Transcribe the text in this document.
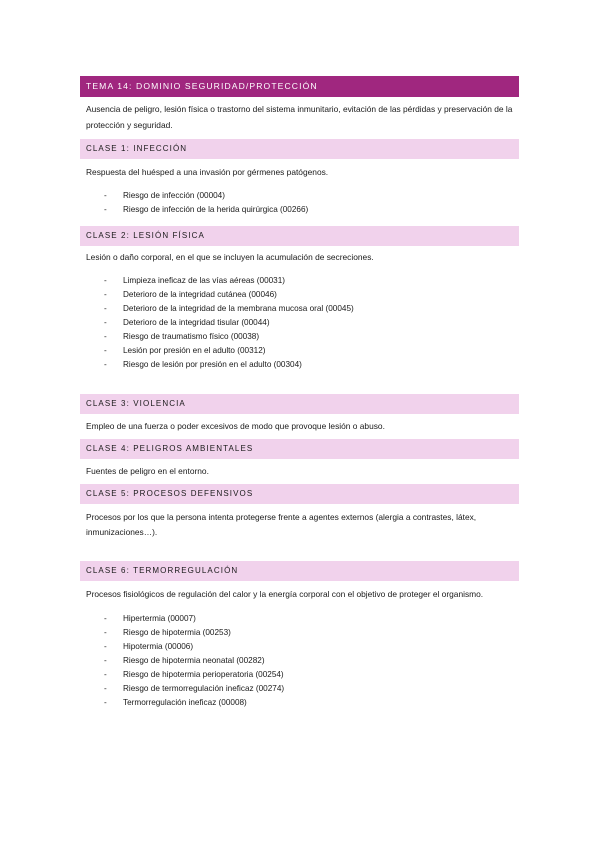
TEMA 14: DOMINIO SEGURIDAD/PROTECCIÓN

Ausencia de peligro, lesión física o trastorno del sistema inmunitario, evitación de las pérdidas y preservación de la protección y seguridad.

CLASE 1: INFECCIÓN

Respuesta del huésped a una invasión por gérmenes patógenos.

- Riesgo de infección (00004)
- Riesgo de infección de la herida quirúrgica (00266)
CLASE 2: LESIÓN FÍSICA

Lesión o daño corporal, en el que se incluyen la acumulación de secreciones.

- Limpieza ineficaz de las vías aéreas (00031)
- Deterioro de la integridad cutánea (00046)
- Deterioro de la integridad de la membrana mucosa oral (00045)
- Deterioro de la integridad tisular (00044)
- Riesgo de traumatismo físico (00038)
- Lesión por presión en el adulto (00312)
- Riesgo de lesión por presión en el adulto (00304)
CLASE 3: VIOLENCIA

Empleo de una fuerza o poder excesivos de modo que provoque lesión o abuso.

CLASE 4: PELIGROS AMBIENTALES

Fuentes de peligro en el entorno.

CLASE 5: PROCESOS DEFENSIVOS

Procesos por los que la persona intenta protegerse frente a agentes externos (alergia a contrastes, látex, inmunizaciones…).

CLASE 6: TERMORREGULACIÓN

Procesos fisiológicos de regulación del calor y la energía corporal con el objetivo de proteger el organismo.

- Hipertermia (00007)
- Riesgo de hipotermia (00253)
- Hipotermia (00006)
- Riesgo de hipotermia neonatal (00282)
- Riesgo de hipotermia perioperatoria (00254)
- Riesgo de termorregulación ineficaz (00274)
- Termorregulación ineficaz (00008)
